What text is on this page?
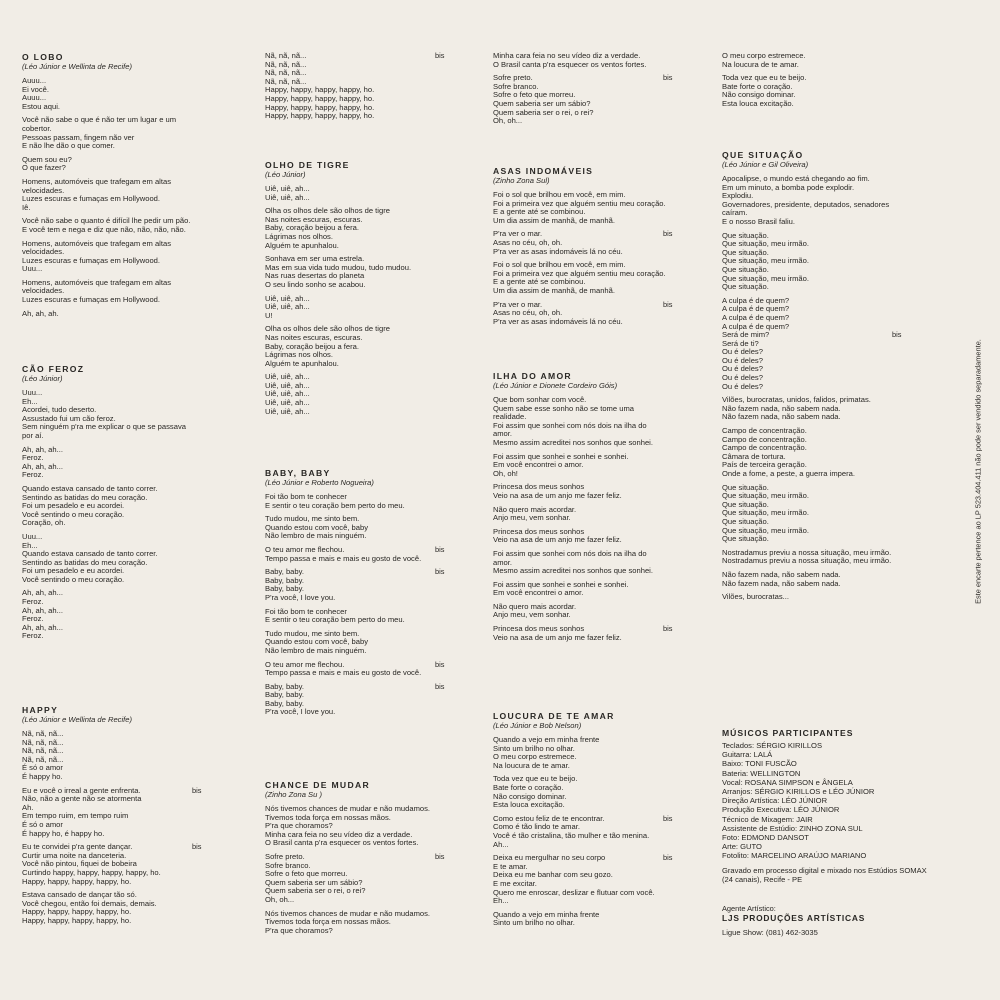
O LOBO

(Léo Júnior e Wellinta de Recife)

Auuu...
Ei você.
Auuu...
Estou aqui.
Você não sabe o que é não ter um lugar e um
cobertor.
Pessoas passam, fingem não ver
E não lhe dão o que comer.
Quem sou eu?
O que fazer?
Homens, automóveis que trafegam em altas
velocidades.
Luzes escuras e fumaças em Hollywood.
Iê.
Você não sabe o quanto é difícil lhe pedir um pão.
E você tem e nega e diz que não, não, não, não.
Homens, automóveis que trafegam em altas
velocidades.
Luzes escuras e fumaças em Hollywood.
Uuu...
Homens, automóveis que trafegam em altas
velocidades.
Luzes escuras e fumaças em Hollywood.
Ah, ah, ah.

CÃO FEROZ

(Léo Júnior)

Uuu...
Eh...
Acordei, tudo deserto.
Assustado fui um cão feroz.
Sem ninguém p'ra me explicar o que se passava
por aí.
Ah, ah, ah...
Feroz.
Ah, ah, ah...
Feroz.
Quando estava cansado de tanto correr.
Sentindo as batidas do meu coração.
Foi um pesadelo e eu acordei.
Você sentindo o meu coração.
Coração, oh.
Uuu...
Eh...
Quando estava cansado de tanto correr.
Sentindo as batidas do meu coração.
Foi um pesadelo e eu acordei.
Você sentindo o meu coração.
Ah, ah, ah...
Feroz.
Ah, ah, ah...
Feroz.
Ah, ah, ah...
Feroz.

HAPPY

(Léo Júnior e Wellinta de Recife)

Nã, nã, nã...
Nã, nã, nã...
Nã, nã, nã...
Nã, nã, nã...
É só o amor
É happy ho.
Eu e você o irreal a gente enfrenta.	bis
Não, não a gente não se atormenta
Ah.
Em tempo ruim, em tempo ruim
É só o amor
É happy ho, é happy ho.
Eu te convidei p'ra gente dançar.	bis
Curtir uma noite na danceteria.
Você não pintou, fiquei de bobeira
Curtindo happy, happy, happy, happy, ho.
Happy, happy, happy, happy, ho.
Estava cansado de dançar tão só.
Você chegou, então foi demais, demais.
Happy, happy, happy, happy, ho.
Happy, happy, happy, happy, ho.
Nã, nã, nã...	bis
Nã, nã, nã...
Nã, nã, nã...
Nã, nã, nã...
Happy, happy, happy, happy, ho.
Happy, happy, happy, happy, ho.
Happy, happy, happy, happy, ho.
Happy, happy, happy, happy, ho.

OLHO DE TIGRE

(Léo Júnior)

Uiê, uiê, ah...
Uiê, uiê, ah...
Olha os olhos dele são olhos de tigre
Nas noites escuras, escuras.
Baby, coração beijou a fera.
Lágrimas nos olhos.
Alguém te apunhalou.
Sonhava em ser uma estrela.
Mas em sua vida tudo mudou, tudo mudou.
Nas ruas desertas do planeta
O seu lindo sonho se acabou.
Uiê, uiê, ah...
Uiê, uiê, ah...
U!
Olha os olhos dele são olhos de tigre
Nas noites escuras, escuras.
Baby, coração beijou a fera.
Lágrimas nos olhos.
Alguém te apunhalou.
Uiê, uiê, ah...
Uiê, uiê, ah...
Uiê, uiê, ah...
Uiê, uiê, ah...
Uiê, uiê, ah...

BABY, BABY

(Léo Júnior e Roberto Nogueira)

Foi tão bom te conhecer
E sentir o teu coração bem perto do meu.
Tudo mudou, me sinto bem.
Quando estou com você, baby
Não lembro de mais ninguém.
O teu amor me flechou.	bis
Tempo passa e mais e mais eu gosto de você.
Baby, baby.	bis
Baby, baby.
Baby, baby.
P'ra você, I love you.
Foi tão bom te conhecer
E sentir o teu coração bem perto do meu.
Tudo mudou, me sinto bem.
Quando estou com você, baby
Não lembro de mais ninguém.
O teu amor me flechou.	bis
Tempo passa e mais e mais eu gosto de você.
Baby, baby.	bis
Baby, baby.
Baby, baby.
P'ra você, I love you.

CHANCE DE MUDAR

(Zinho Zona Su )

Nós tivemos chances de mudar e não mudamos.
Tivemos toda força em nossas mãos.
P'ra que choramos?
Minha cara feia no seu vídeo diz a verdade.
O Brasil canta p'ra esquecer os ventos fortes.
Sofre preto.	bis
Sofre branco.
Sofre o feto que morreu.
Quem saberia ser um sábio?
Quem saberia ser o rei, o rei?
Oh, oh...
Nós tivemos chances de mudar e não mudamos.
Tivemos toda força em nossas mãos.
P'ra que choramos?
Minha cara feia no seu vídeo diz a verdade.
O Brasil canta p'ra esquecer os ventos fortes.
Sofre preto.	bis
Sofre branco.
Sofre o feto que morreu.
Quem saberia ser um sábio?
Quem saberia ser o rei, o rei?
Oh, oh...

ASAS INDOMÁVEIS

(Zinho Zona Sul)

Foi o sol que brilhou em você, em mim.
Foi a primeira vez que alguém sentiu meu coração.
E a gente até se combinou.
Um dia assim de manhã, de manhã.
P'ra ver o mar.	bis
Asas no céu, oh, oh.
P'ra ver as asas indomáveis lá no céu.
Foi o sol que brilhou em você, em mim.
Foi a primeira vez que alguém sentiu meu coração.
E a gente até se combinou.
Um dia assim de manhã, de manhã.
P'ra ver o mar.	bis
Asas no céu, oh, oh.
P'ra ver as asas indomáveis lá no céu.

ILHA DO AMOR

(Léo Júnior e Dionete Cordeiro Góis)

Que bom sonhar com você.
Quem sabe esse sonho não se tome uma
realidade.
Foi assim que sonhei com nós dois na ilha do
amor.
Mesmo assim acreditei nos sonhos que sonhei.
Foi assim que sonhei e sonhei e sonhei.
Em você encontrei o amor.
Oh, oh!
Princesa dos meus sonhos
Veio na asa de um anjo me fazer feliz.
Não quero mais acordar.
Anjo meu, vem sonhar.
Princesa dos meus sonhos
Veio na asa de um anjo me fazer feliz.
Foi assim que sonhei com nós dois na ilha do
amor.
Mesmo assim acreditei nos sonhos que sonhei.
Foi assim que sonhei e sonhei e sonhei.
Em você encontrei o amor.
Não quero mais acordar.
Anjo meu, vem sonhar.
Princesa dos meus sonhos	bis
Veio na asa de um anjo me fazer feliz.

LOUCURA DE TE AMAR

(Léo Júnior e Bob Nelson)

Quando a vejo em minha frente
Sinto um brilho no olhar.
O meu corpo estremece.
Na loucura de te amar.
Toda vez que eu te beijo.
Bate forte o coração.
Não consigo dominar.
Esta louca excitação.
Como estou feliz de te encontrar.	bis
Como é tão lindo te amar.
Você é tão cristalina, tão mulher e tão menina.
Ah...
Deixa eu mergulhar no seu corpo	bis
E te amar.
Deixa eu me banhar com seu gozo.
E me excitar.
Quero me enroscar, deslizar e flutuar com você.
Eh...
Quando a vejo em minha frente
Sinto um brilho no olhar.

MÚSICOS PARTICIPANTES

Teclados: SÉRGIO KIRILLOS
Guitarra: LALÁ
Baixo: TONI FUSCÃO
Bateria: WELLINGTON
Vocal: ROSANA SIMPSON e ÂNGELA
Arranjos: SÉRGIO KIRILLOS e LÉO JÚNIOR
Direção Artística: LÉO JÚNIOR
Produção Executiva: LÉO JÚNIOR
Técnico de Mixagem: JAIR
Assistente de Estúdio: ZINHO ZONA SUL
Foto: EDMOND DANSOT
Arte: GUTO
Fotolito: MARCELINO ARAÚJO MARIANO
Gravado em processo digital e mixado nos Estúdios SOMAX
(24 canais), Recife - PE
Agente Artístico:
LJS PRODUÇÕES ARTÍSTICAS
Ligue Show: (081) 462-3035
O meu corpo estremece.
Na loucura de te amar.
Toda vez que eu te beijo.
Bate forte o coração.
Não consigo dominar.
Esta louca excitação.

QUE SITUAÇÃO

(Léo Júnior e Gil Oliveira)

Apocalipse, o mundo está chegando ao fim.
Em um minuto, a bomba pode explodir.
Explodiu.
Governadores, presidente, deputados, senadores
caíram.
E o nosso Brasil faliu.
Que situação.
Que situação, meu irmão.
Que situação.
Que situação, meu irmão.
Que situação.
Que situação, meu irmão.
Que situação.
A culpa é de quem?
A culpa é de quem?
A culpa é de quem?
A culpa é de quem?
Será de mim?	bis
Será de ti?
Ou é deles?
Ou é deles?
Ou é deles?
Ou é deles?
Ou é deles?
Vilões, burocratas, unidos, falidos, primatas.
Não fazem nada, não sabem nada.
Não fazem nada, não sabem nada.
Campo de concentração.
Campo de concentração.
Campo de concentração.
Câmara de tortura.
País de terceira geração.
Onde a fome, a peste, a guerra impera.
Que situação.
Que situação, meu irmão.
Que situação.
Que situação, meu irmão.
Que situação.
Que situação, meu irmão.
Que situação.
Nostradamus previu a nossa situação, meu irmão.
Nostradamus previu a nossa situação, meu irmão.
Não fazem nada, não sabem nada.
Não fazem nada, não sabem nada.
Vilões, burocratas...	Este encarte pertence ao LP 523.404.411 não pode ser vendido separadamente.
